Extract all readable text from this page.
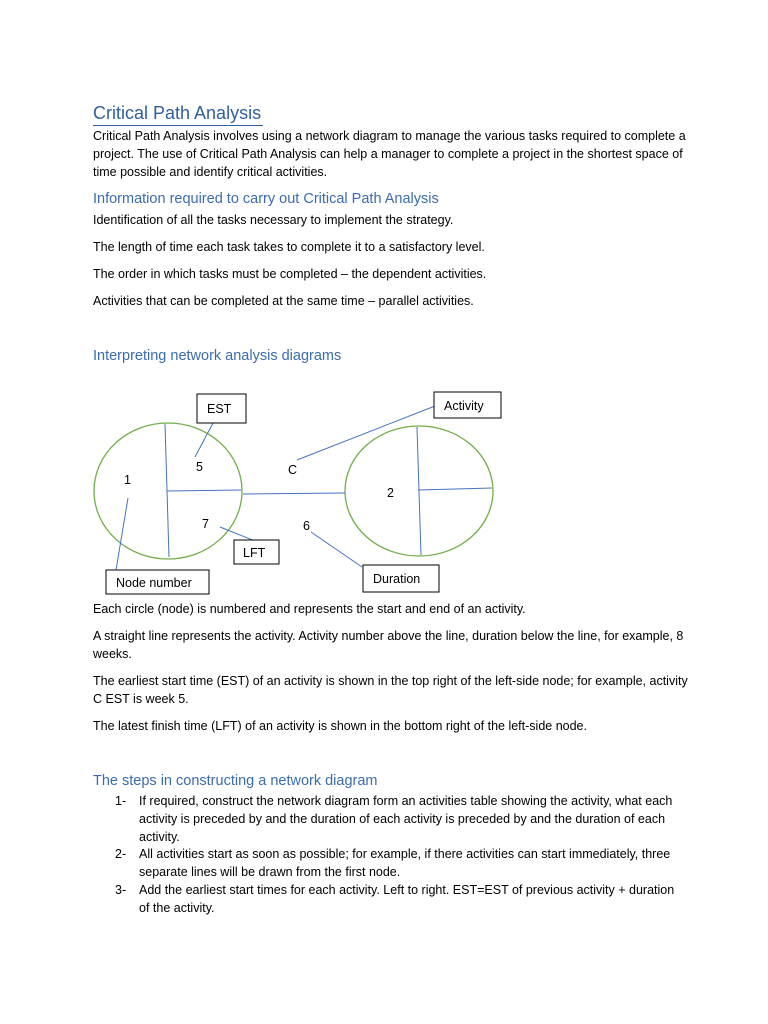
Critical Path Analysis

Critical Path Analysis involves using a network diagram to manage the various tasks required to complete a project. The use of Critical Path Analysis can help a manager to complete a project in the shortest space of time possible and identify critical activities.

Information required to carry out Critical Path Analysis

Identification of all the tasks necessary to implement the strategy.

The length of time each task takes to complete it to a satisfactory level.

The order in which tasks must be completed – the dependent activities.

Activities that can be completed at the same time – parallel activities.

Interpreting network analysis diagrams
EST	Activity
LFT
Node number	Duration
1
5
7
C
6
2

Each circle (node) is numbered and represents the start and end of an activity.

A straight line represents the activity. Activity number above the line, duration below the line, for example, 8 weeks.

The earliest start time (EST) of an activity is shown in the top right of the left-side node; for example, activity C EST is week 5.

The latest finish time (LFT) of an activity is shown in the bottom right of the left-side node.

The steps in constructing a network diagram
1- If required, construct the network diagram form an activities table showing the activity, what each activity is preceded by and the duration of each activity is preceded by and the duration of each activity.
2- All activities start as soon as possible; for example, if there activities can start immediately, three separate lines will be drawn from the first node.
3- Add the earliest start times for each activity. Left to right. EST=EST of previous activity + duration of the activity.
